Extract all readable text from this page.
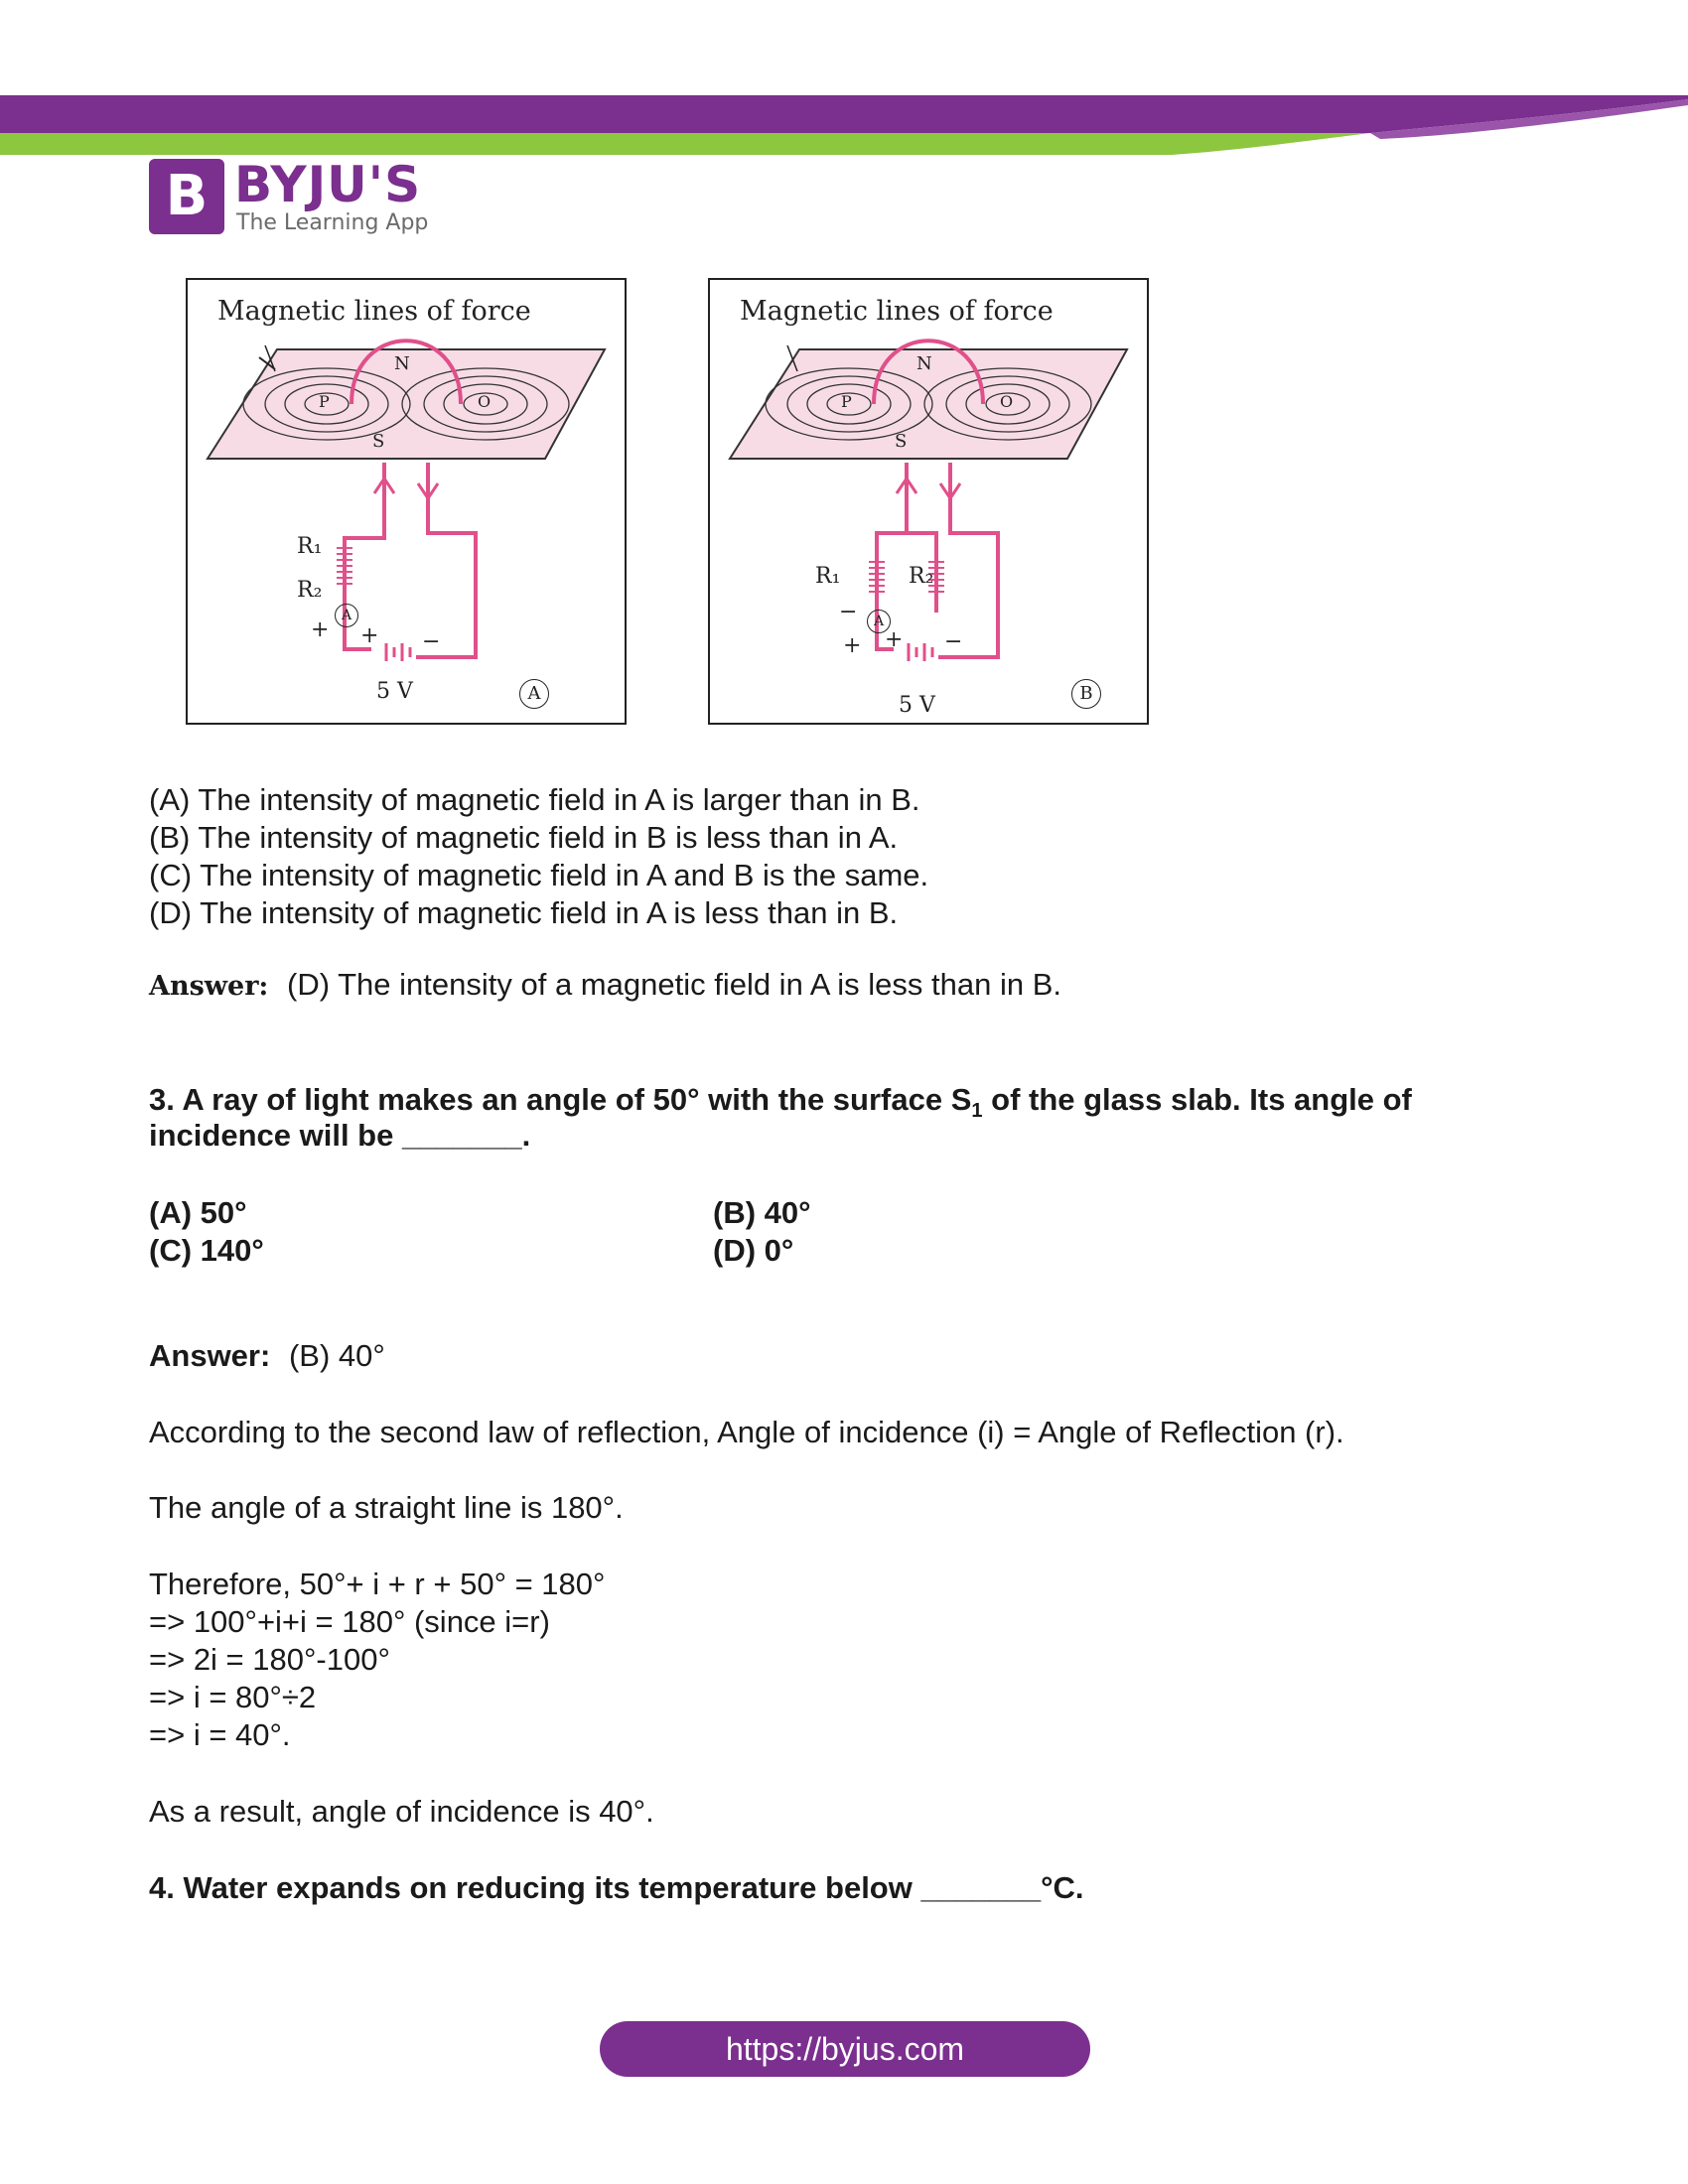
B BYJU'S
The Learning App
Magnetic lines of force
N
S
P	O
R₁
R₂
A
+ + −
5 V	A
Magnetic lines of force
N
S
P	O
R₁	R₂
−	A
+ + −
5 V	B
(A) The intensity of magnetic field in A is larger than in B.
(B) The intensity of magnetic field in B is less than in A.
(C) The intensity of magnetic field in A and B is the same.
(D) The intensity of magnetic field in A is less than in B.
Answer: (D) The intensity of a magnetic field in A is less than in B.
3. A ray of light makes an angle of 50° with the surface $S_1$ of the glass slab. Its angle of
incidence will be _______.
(A) 50°	(B) 40°
(C) 140°	(D) 0°
Answer: (B) 40°
According to the second law of reflection, Angle of incidence (i) = Angle of Reflection (r).
The angle of a straight line is 180°.
Therefore, 50°+ i + r + 50° = 180°
=> 100°+i+i = 180° (since i=r)
=> 2i = 180°-100°
=> i = 80°÷2
=> i = 40°.
As a result, angle of incidence is 40°.
4. Water expands on reducing its temperature below _______°C.
https://byjus.com
